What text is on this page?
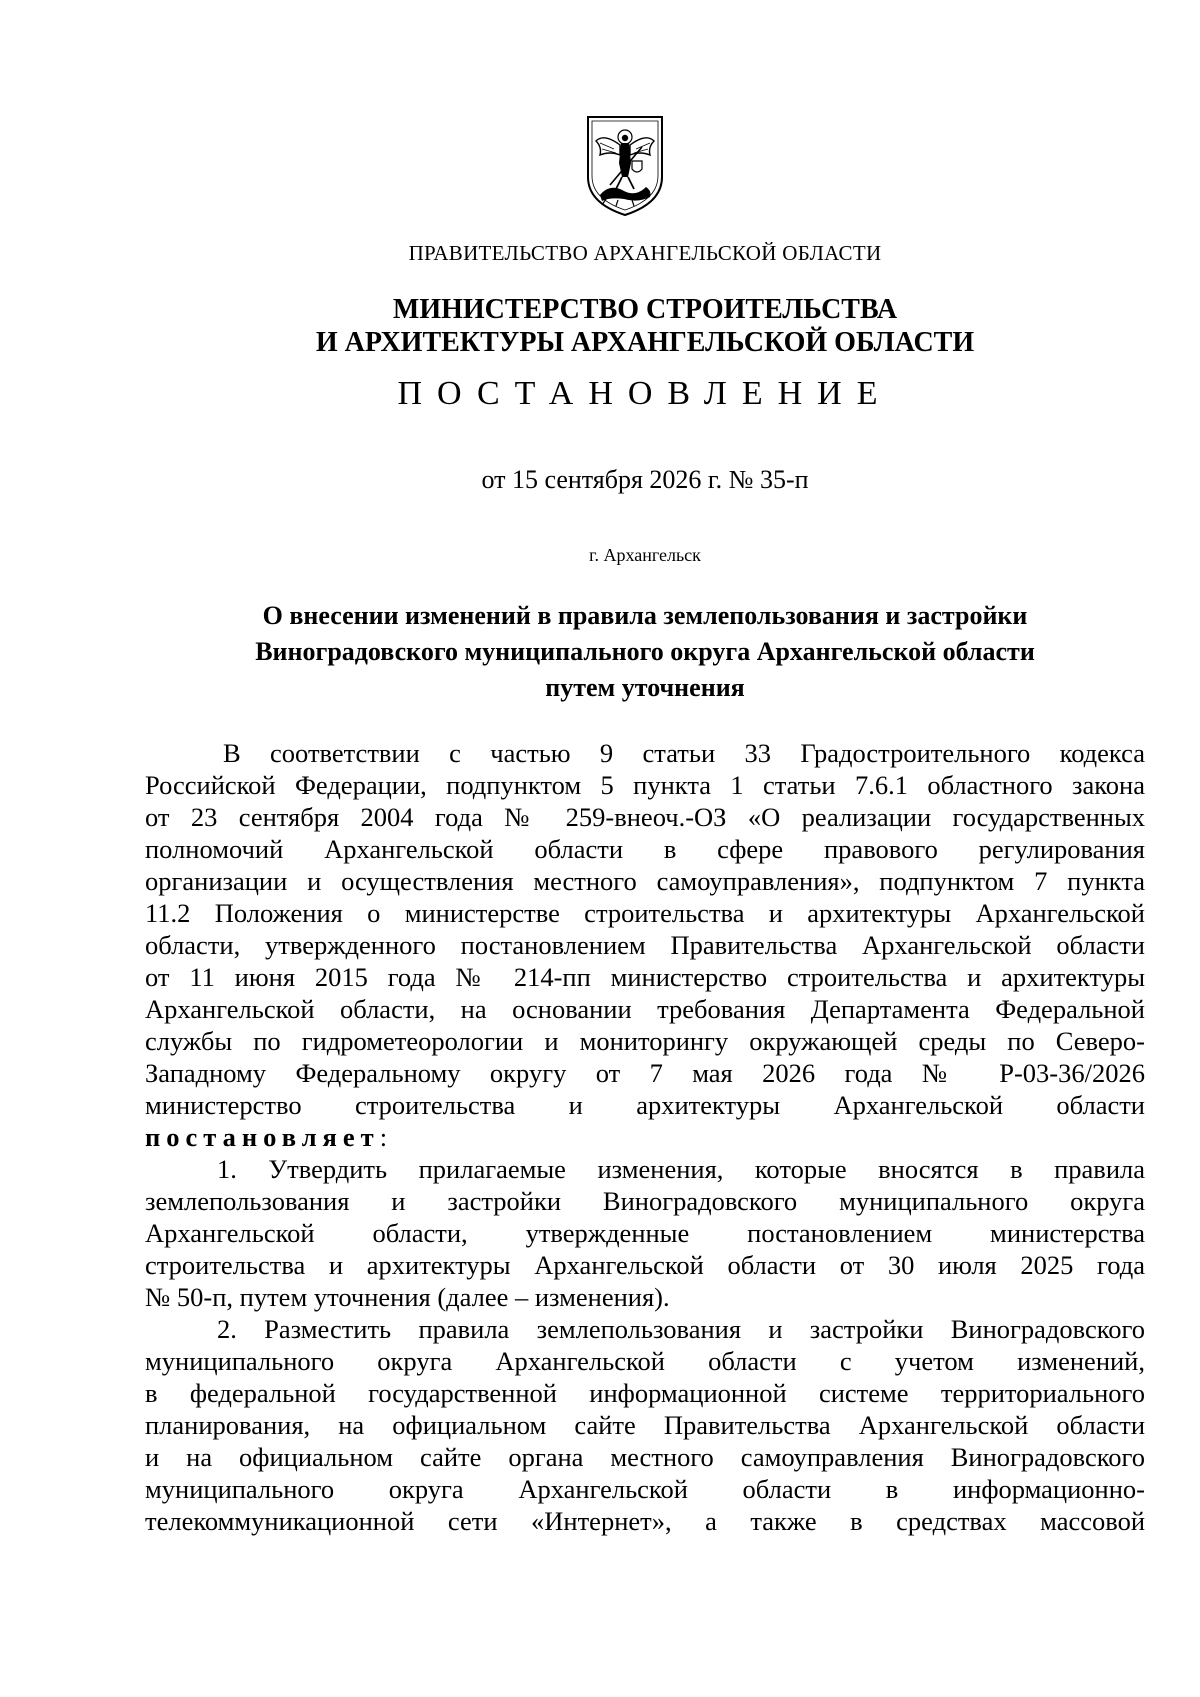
ПРАВИТЕЛЬСТВО АРХАНГЕЛЬСКОЙ ОБЛАСТИ
МИНИСТЕРСТВО СТРОИТЕЛЬСТВА
И АРХИТЕКТУРЫ АРХАНГЕЛЬСКОЙ ОБЛАСТИ
ПОСТАНОВЛЕНИЕ
от 15 сентября 2026 г. № 35-п
г. Архангельск
О внесении изменений в правила землепользования и застройки
Виноградовского муниципального округа Архангельской области
путем уточнения
В соответствии с частью 9 статьи 33 Градостроительного кодекса
Российской Федерации, подпунктом 5 пункта 1 статьи 7.6.1 областного закона
от 23 сентября 2004 года № 259-внеоч.-ОЗ «О реализации государственных
полномочий Архангельской области в сфере правового регулирования
организации и осуществления местного самоуправления», подпунктом 7 пункта
11.2 Положения о министерстве строительства и архитектуры Архангельской
области, утвержденного постановлением Правительства Архангельской области
от 11 июня 2015 года № 214-пп министерство строительства и архитектуры
Архангельской области, на основании требования Департамента Федеральной
службы по гидрометеорологии и мониторингу окружающей среды по Северо-
Западному Федеральному округу от 7 мая 2026 года № Р-03-36/2026
министерство строительства и архитектуры Архангельской области
постановляет:
1. Утвердить прилагаемые изменения, которые вносятся в правила
землепользования и застройки Виноградовского муниципального округа
Архангельской области, утвержденные постановлением министерства
строительства и архитектуры Архангельской области от 30 июля 2025 года
№ 50-п, путем уточнения (далее – изменения).
2. Разместить правила землепользования и застройки Виноградовского
муниципального округа Архангельской области с учетом изменений,
в федеральной государственной информационной системе территориального
планирования, на официальном сайте Правительства Архангельской области
и на официальном сайте органа местного самоуправления Виноградовского
муниципального округа Архангельской области в информационно-
телекоммуникационной сети «Интернет», а также в средствах массовой
